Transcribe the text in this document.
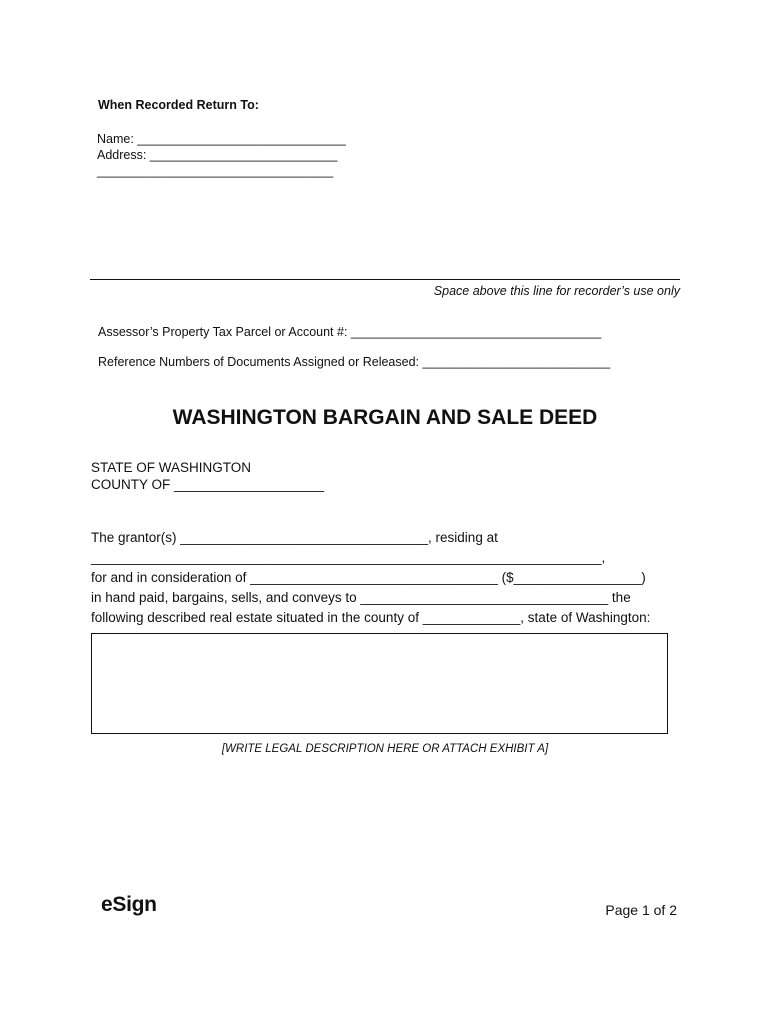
When Recorded Return To:
Name: ______________________________
Address: ___________________________
__________________________________
Space above this line for recorder’s use only
Assessor’s Property Tax Parcel or Account #: ____________________________________
Reference Numbers of Documents Assigned or Released: ___________________________
WASHINGTON BARGAIN AND SALE DEED
STATE OF WASHINGTON
COUNTY OF ____________________
The grantor(s) _________________________________, residing at
____________________________________________________________________,
for and in consideration of _________________________________ ($_________________)
in hand paid, bargains, sells, and conveys to _________________________________ the
following described real estate situated in the county of _____________, state of Washington:
[WRITE LEGAL DESCRIPTION HERE OR ATTACH EXHIBIT A]
eSign	Page 1 of 2
